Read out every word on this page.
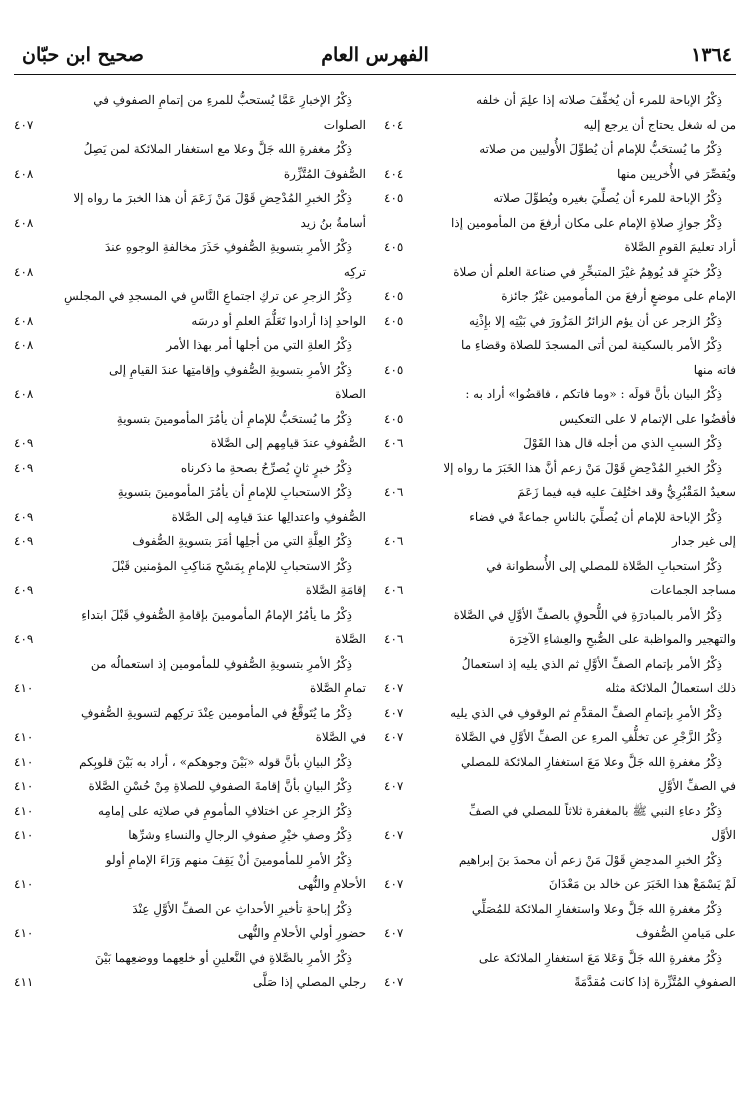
١٣٦٤
الفهرس العام
صحيح ابن حبّان
ذِكْرُ الإباحة للمرء أن يُخفِّفَ صلاته إذا علِمَ أن خلفه
من له شغل يحتاج أن يرجع إليه
٤٠٤
ذِكْرُ ما يُستحَبُّ للإمام أن يُطوِّلَ الأُوليين من صلاته
ويُقصِّرَ في الأُخريين منها
٤٠٤
ذِكْرُ الإباحة للمرء أن يُصلِّيَ بغيره ويُطوِّلَ صلاته
٤٠٥
ذِكْرُ جوازِ صلاةِ الإمام على مكان أرفعَ من المأمومين إذا
أراد تعليمَ القومِ الصَّلاة
٤٠٥
ذِكْرُ خبَرٍ قد يُوهِمُ غيْرَ المتبحِّرِ في صناعة العلم أن صلاة
الإمام على موضعٍ أرفعَ من المأمومين غيْرُ جائزة
٤٠٥
ذِكْرُ الزجر عن أن يؤم الزائرُ المَزُورَ في بَيْتِه إلا بإِذْنِه
٤٠٥
ذِكْرُ الأمر بالسكينة لمن أتى المسجدَ للصلاة وقضاءِ ما
فاته منها
٤٠٥
ذِكْرُ البيان بأنَّ قولَه : «وما فاتكم ، فاقضُوا» أراد به :
فأقضُوا على الإتمام لا على التعكيس
٤٠٥
ذِكْرُ السببِ الذي من أجله قال هذا القَوْلَ
٤٠٦
ذِكْرُ الخبرِ المُدْحِضِ قَوْلَ مَنْ زعم أنَّ هذا الخَبَرَ ما رواه إلا
سعيدٌ المَقْبُرِيُّ وقد اختُلِفَ عليه فيه فيما زَعَمَ
٤٠٦
ذِكْرُ الإباحة للإمام أن يُصلِّيَ بالناسِ جماعةً في فضاء
إلى غير جدار
٤٠٦
ذِكْرُ استحبابِ الصَّلاة للمصلي إلى الأُسطوانة في
مساجد الجماعات
٤٠٦
ذِكْرُ الأمر بالمبادرَةِ في اللُّحوقِ بالصفِّ الأوَّلِ في الصَّلاة
والتهجير والمواظبة على الصُّبحِ والعِشاءِ الآخِرَة
٤٠٦
ذِكْرُ الأمر بإتمام الصفِّ الأوَّلِ ثم الذي يليه إذ استعمالُ
ذلك استعمالُ الملائكة مثله
٤٠٧
ذِكْرُ الأمرِ بإتمامِ الصفِّ المقدَّمِ ثم الوقوفِ في الذي يليه
٤٠٧
ذِكْرُ الزَّجْرِ عن تخلُّفِ المرءِ عن الصفِّ الأوَّلِ في الصَّلاة
٤٠٧
ذِكْرُ مغفرةِ الله جَلَّ وعلا مَعَ استغفارِ الملائكة للمصلي
في الصفِّ الأوَّلِ
٤٠٧
ذِكْرُ دعاءِ النبي ﷺ بالمغفرة ثلاثاً للمصلي في الصفِّ
الأوَّل
٤٠٧
ذِكْرُ الخبرِ المدحِضِ قَوْلَ مَنْ زعم أن محمدَ بنَ إبراهيم
لَمْ يَسْمَعْ هذا الخَبَرَ عن خالد بن مَعْدَانَ
٤٠٧
ذِكْرُ مغفرةِ الله جَلَّ وعلا واستغفارِ الملائكة للمُصَلِّي
على مَيامنِ الصُّفوف
٤٠٧
ذِكْرُ مغفرةِ الله جَلَّ وَعَلا مَعَ استغفارِ الملائكة على
الصفوفِ المُتَّزِّرة إذا كانت مُقدَّمَةً
٤٠٧
ذِكْرُ الإخبارِ عَمَّا يُستحبُّ للمرءِ من إتمامِ الصفوفِ في
الصلوات
٤٠٧
ذِكْرُ مغفرةِ الله جَلَّ وعلا مع استغفار الملائكة لمن يَصِلُ
الصُّفوفَ المُتَّزِّرة
٤٠٨
ذِكْرُ الخبرِ المُدْحِضِ قَوْلَ مَنْ زَعَمَ أن هذا الخبرَ ما رواه إلا
أسامةُ بنُ زيد
٤٠٨
ذِكْرُ الأمرِ بتسويةِ الصُّفوفِ حَذَرَ مخالفةِ الوجوهِ عندَ
تركِه
٤٠٨
ذِكْرُ الزجرِ عن تركِ اجتماعِ النَّاسِ في المسجدِ في المجلسِ
الواحدِ إذا أرادوا تَعَلُّمَ العلمِ أو درسَه
٤٠٨
ذِكْرُ العلةِ التي من أجلها أمر بهذا الأمر
٤٠٨
ذِكْرُ الأمرِ بتسويةِ الصُّفوفِ وإقامتِها عندَ القيامِ إلى
الصلاة
٤٠٨
ذِكْرُ ما يُستحَبُّ للإمامِ أن يأمُرَ المأمومينَ بتسويةِ
الصُّفوفِ عندَ قيامِهم إلى الصَّلاة
٤٠٩
ذِكْرُ خبرٍ ثانٍ يُصرِّحُ بصحةِ ما ذكرناه
٤٠٩
ذِكْرُ الاستحبابِ للإمامِ أن يأمُرَ المأمومينَ بتسويةِ
الصُّفوفِ واعتدالِها عندَ قيامِه إلى الصَّلاة
٤٠٩
ذِكْرُ العِلَّةِ التي من أجلِها أمَرَ بتسويةِ الصُّفوف
٤٠٩
ذِكْرُ الاستحبابِ للإمامِ بِمَسْحِ مَناكِبِ المؤمنين قَبْلَ
إقامَةِ الصَّلاة
٤٠٩
ذِكْرُ ما يأمُرُ الإمامُ المأمومينَ بإقامةِ الصُّفوفِ قَبْلَ ابتداءِ
الصَّلاة
٤٠٩
ذِكْرُ الأمرِ بتسويةِ الصُّفوفِ للمأمومين إذ استعمالُه من
تمامِ الصَّلاة
٤١٠
ذِكْرُ ما يُتَوقَّعُ في المأمومين عِنْدَ تركِهم لتسويةِ الصُّفوفِ
في الصَّلاة
٤١٠
ذِكْرُ البيانِ بأنَّ قوله «بَيْنَ وجوهكم» ، أراد به بَيْنَ قلوبِكم
٤١٠
ذِكْرُ البيانِ بأنَّ إقامةَ الصفوفِ للصلاةِ مِنْ حُسْنِ الصَّلاة
٤١٠
ذِكْرُ الزجرِ عن اختلافِ المأمومِ في صلاتِه على إمامِه
٤١٠
ذِكْرُ وصفِ خيْرِ صفوفِ الرجالِ والنساءِ وشرِّها
٤١٠
ذِكْرُ الأمرِ للمأمومينَ أنْ يَقِفَ منهم وَرَاءَ الإمامِ أولو
الأحلامِ والنُّهى
٤١٠
ذِكْرُ إباحةِ تأخيرِ الأحداثِ عن الصفِّ الأوَّلِ عِنْدَ
حضورِ أولي الأحلامِ والنُّهى
٤١٠
ذِكْرُ الأمرِ بالصَّلاةِ في النَّعلينِ أو خلعِهما ووضعِهما بَيْنَ
رجلي المصلي إذا صَلَّى
٤١١
